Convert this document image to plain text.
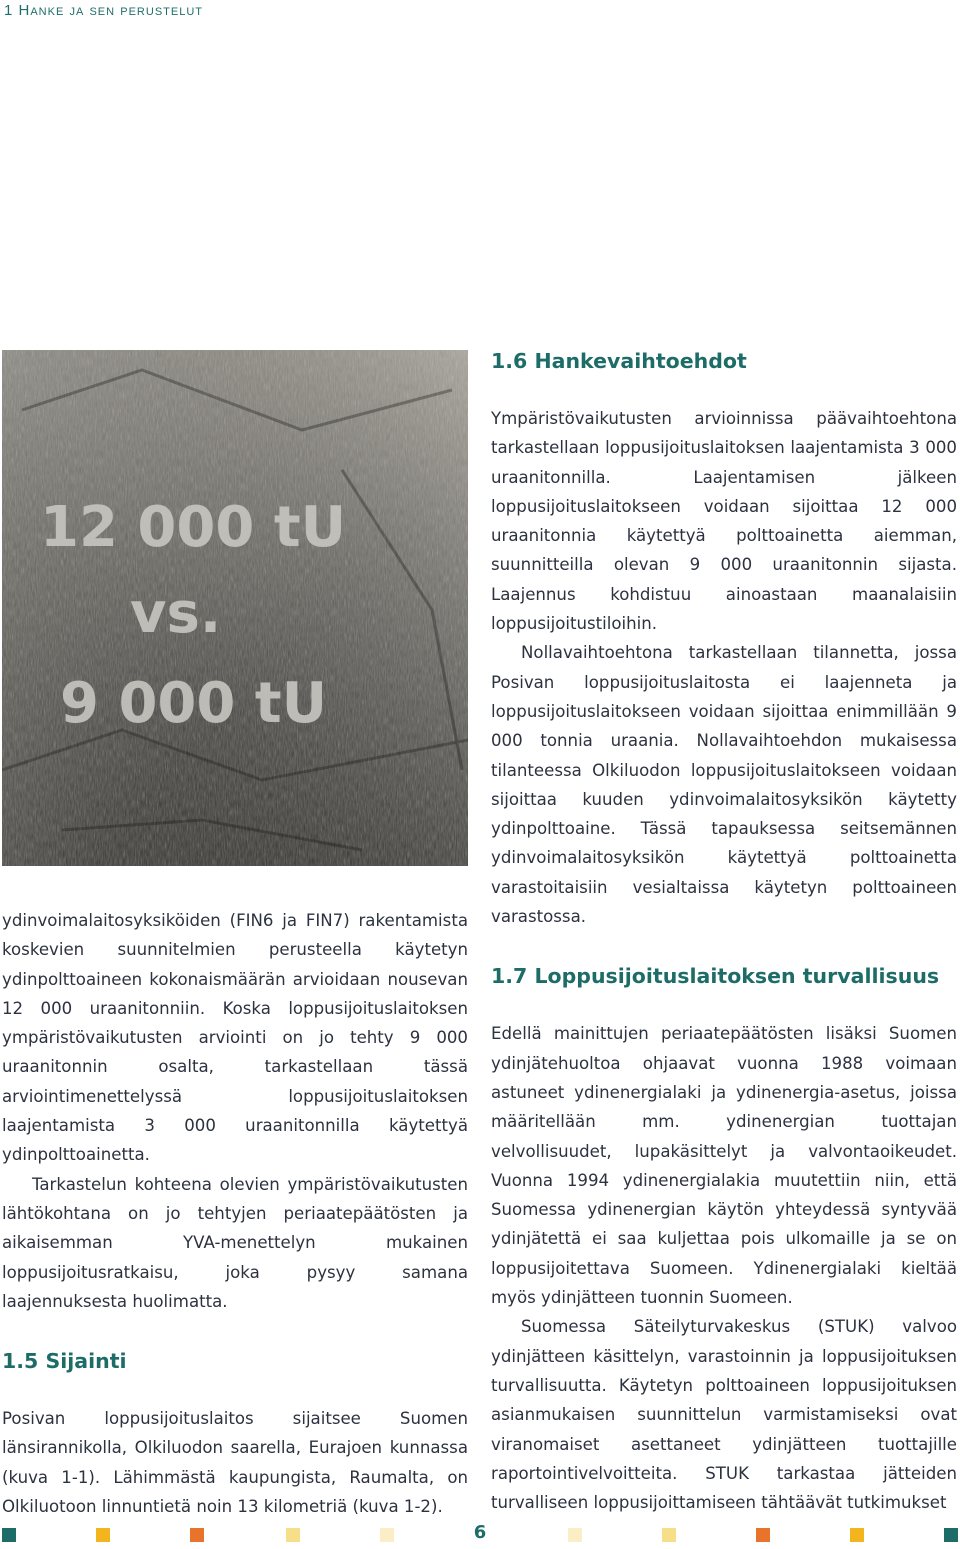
1 Hanke ja sen perustelut
12 000 tU
vs.
9 000 tU

ydinvoimalaitosyksiköiden (FIN6 ja FIN7) rakentamista koskevien suunnitelmien perusteella käytetyn ydinpolttoaineen kokonaismäärän arvioidaan nousevan 12 000 uraanitonniin. Koska loppusijoituslaitoksen ympäristövaikutusten arviointi on jo tehty 9 000 uraanitonnin osalta, tarkastellaan tässä arviointimenettelyssä loppusijoituslaitoksen laajentamista 3 000 uraanitonnilla käytettyä ydinpolttoainetta.

Tarkastelun kohteena olevien ympäristövaikutusten lähtökohtana on jo tehtyjen periaatepäätösten ja aikaisemman YVA-menettelyn mukainen loppusijoitusratkaisu, joka pysyy samana laajennuksesta huolimatta.

1.5 Sijainti

Posivan loppusijoituslaitos sijaitsee Suomen länsirannikolla, Olkiluodon saarella, Eurajoen kunnassa (kuva 1-1). Lähimmästä kaupungista, Raumalta, on Olkiluotoon linnuntietä noin 13 kilometriä (kuva 1-2).

1.6 Hankevaihtoehdot

Ympäristövaikutusten arvioinnissa päävaihtoehtona tarkastellaan loppusijoituslaitoksen laajentamista 3 000 uraanitonnilla. Laajentamisen jälkeen loppusijoituslaitokseen voidaan sijoittaa 12 000 uraanitonnia käytettyä polttoainetta aiemman, suunnitteilla olevan 9 000 uraanitonnin sijasta. Laajennus kohdistuu ainoastaan maanalaisiin loppusijoitustiloihin.

Nollavaihtoehtona tarkastellaan tilannetta, jossa Posivan loppusijoituslaitosta ei laajenneta ja loppusijoituslaitokseen voidaan sijoittaa enimmillään 9 000 tonnia uraania. Nollavaihtoehdon mukaisessa tilanteessa Olkiluodon loppusijoituslaitokseen voidaan sijoittaa kuuden ydinvoimalaitosyksikön käytetty ydinpolttoaine. Tässä tapauksessa seitsemännen ydinvoimalaitosyksikön käytettyä polttoainetta varastoitaisiin vesialtaissa käytetyn polttoaineen varastossa.

1.7 Loppusijoituslaitoksen turvallisuus

Edellä mainittujen periaatepäätösten lisäksi Suomen ydinjätehuoltoa ohjaavat vuonna 1988 voimaan astuneet ydinenergialaki ja ydinenergia-asetus, joissa määritellään mm. ydinenergian tuottajan velvollisuudet, lupakäsittelyt ja valvontaoikeudet. Vuonna 1994 ydinenergialakia muutettiin niin, että Suomessa ydinenergian käytön yhteydessä syntyvää ydinjätettä ei saa kuljettaa pois ulkomaille ja se on loppusijoitettava Suomeen. Ydinenergialaki kieltää myös ydinjätteen tuonnin Suomeen.

Suomessa Säteilyturvakeskus (STUK) valvoo ydinjätteen käsittelyn, varastoinnin ja loppusijoituksen turvallisuutta. Käytetyn polttoaineen loppusijoituksen asianmukaisen suunnittelun varmistamiseksi ovat viranomaiset asettaneet ydinjätteen tuottajille raportointivelvoitteita. STUK tarkastaa jätteiden turvalliseen loppusijoittamiseen tähtäävät tutkimukset

6
